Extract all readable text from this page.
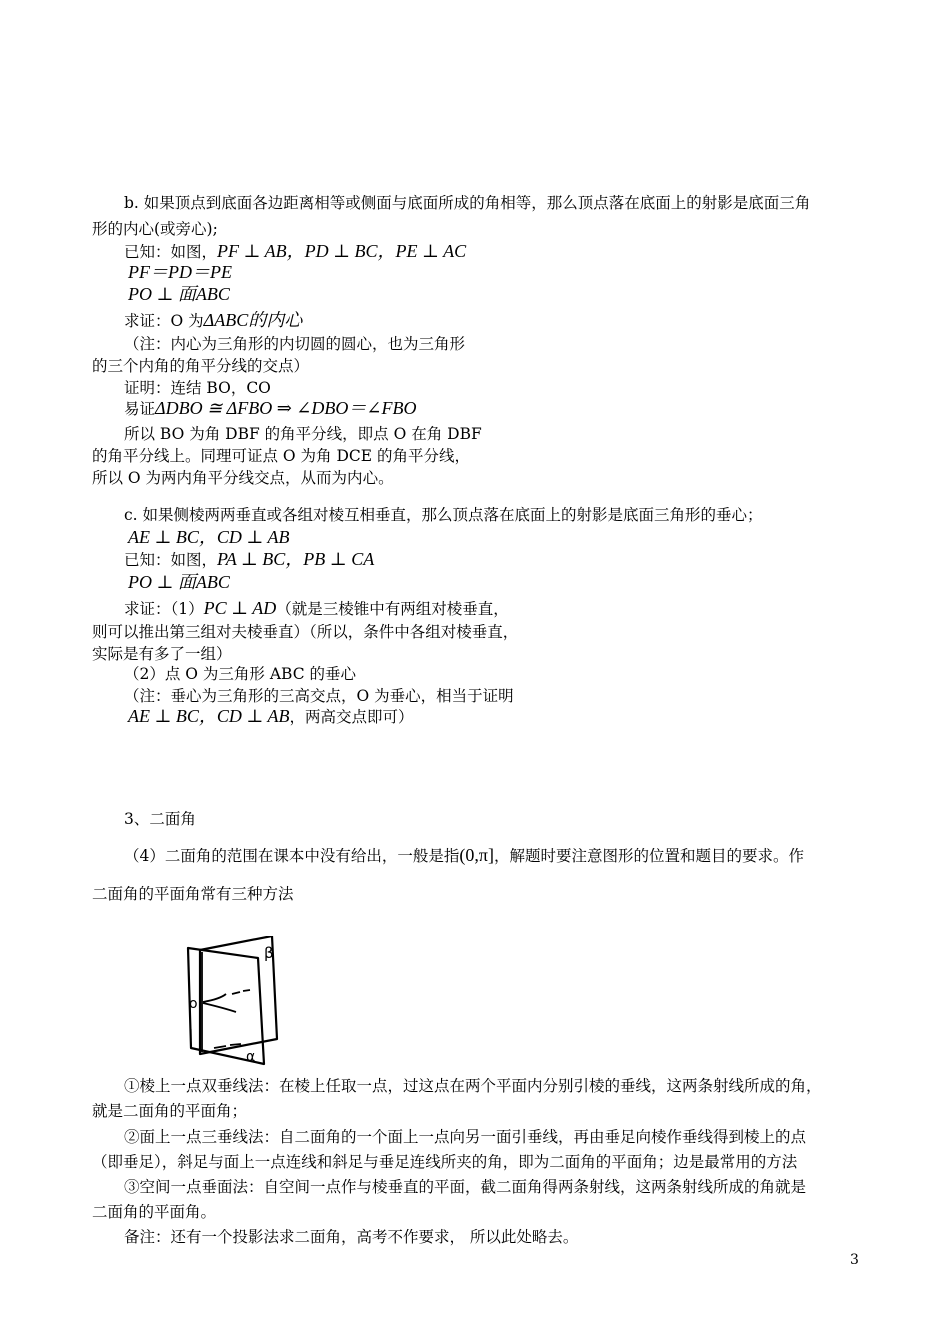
b. 如果顶点到底面各边距离相等或侧面与底面所成的角相等，那么顶点落在底面上的射影是底面三角
形的内心(或旁心);
已知：如图，PF ⊥ AB，PD ⊥ BC，PE ⊥ AC
PF＝PD＝PE
PO ⊥ 面ABC
求证：O 为ΔABC的内心
（注：内心为三角形的内切圆的圆心，也为三角形
的三个内角的角平分线的交点）
证明：连结 BO，CO
易证ΔDBO ≅ ΔFBO ⇒ ∠DBO＝∠FBO
所以 BO 为角 DBF 的角平分线，即点 O 在角 DBF
的角平分线上。同理可证点 O 为角 DCE 的角平分线，
所以 O 为两内角平分线交点，从而为内心。
c. 如果侧棱两两垂直或各组对棱互相垂直，那么顶点落在底面上的射影是底面三角形的垂心；
AE ⊥ BC，CD ⊥ AB
已知：如图，PA ⊥ BC，PB ⊥ CA
PO ⊥ 面ABC
求证：（1）PC ⊥ AD（就是三棱锥中有两组对棱垂直，
则可以推出第三组对夫棱垂直）（所以，条件中各组对棱垂直，
实际是有多了一组）
（2）点 O 为三角形 ABC 的垂心
（注：垂心为三角形的三高交点，O 为垂心，相当于证明
AE ⊥ BC，CD ⊥ AB，两高交点即可）
3、二面角
（4）二面角的范围在课本中没有给出，一般是指(0,π]，解题时要注意图形的位置和题目的要求。作
二面角的平面角常有三种方法
β
o
l
α
①棱上一点双垂线法：在棱上任取一点，过这点在两个平面内分别引棱的垂线，这两条射线所成的角，
就是二面角的平面角；
②面上一点三垂线法：自二面角的一个面上一点向另一面引垂线，再由垂足向棱作垂线得到棱上的点
（即垂足），斜足与面上一点连线和斜足与垂足连线所夹的角，即为二面角的平面角；边是最常用的方法
③空间一点垂面法：自空间一点作与棱垂直的平面，截二面角得两条射线，这两条射线所成的角就是
二面角的平面角。
备注：还有一个投影法求二面角，高考不作要求， 所以此处略去。
3
